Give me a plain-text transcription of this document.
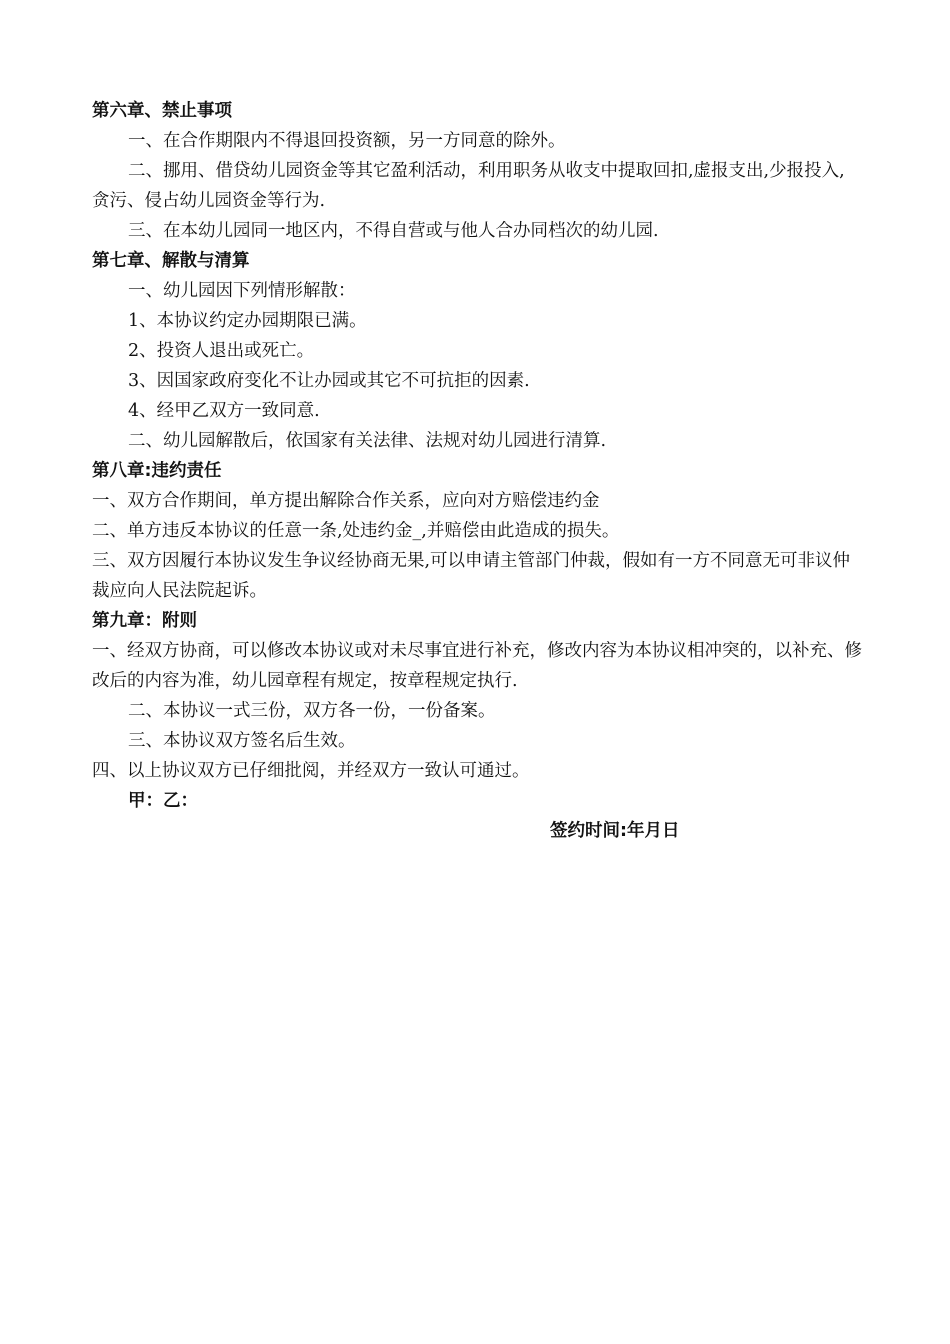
第六章、禁止事项

一、在合作期限内不得退回投资额，另一方同意的除外。

二、挪用、借贷幼儿园资金等其它盈利活动，利用职务从收支中提取回扣,虚报支出,少报投入,贪污、侵占幼儿园资金等行为.

三、在本幼儿园同一地区内，不得自营或与他人合办同档次的幼儿园.

第七章、解散与清算

一、幼儿园因下列情形解散：

1、本协议约定办园期限已满。

2、投资人退出或死亡。

3、因国家政府变化不让办园或其它不可抗拒的因素.

4、经甲乙双方一致同意.

二、幼儿园解散后，依国家有关法律、法规对幼儿园进行清算.

第八章:违约责任

一、双方合作期间，单方提出解除合作关系，应向对方赔偿违约金

二、单方违反本协议的任意一条,处违约金_,并赔偿由此造成的损失。

三、双方因履行本协议发生争议经协商无果,可以申请主管部门仲裁，假如有一方不同意无可非议仲裁应向人民法院起诉。

第九章：附则

一、经双方协商，可以修改本协议或对未尽事宜进行补充，修改内容为本协议相冲突的，以补充、修改后的内容为准，幼儿园章程有规定，按章程规定执行.

二、本协议一式三份，双方各一份，一份备案。

三、本协议双方签名后生效。

四、以上协议双方已仔细批阅，并经双方一致认可通过。

甲：乙：

签约时间:年月日
